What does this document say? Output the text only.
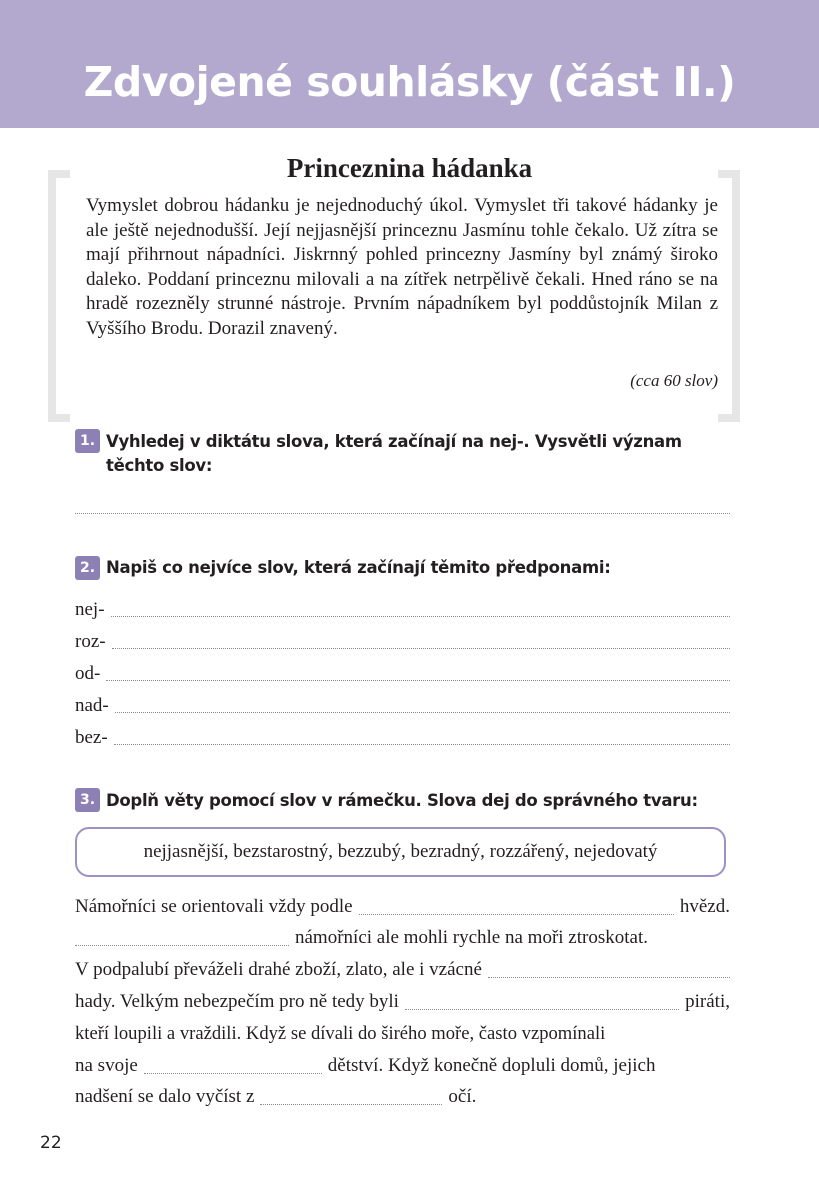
Zdvojené souhlásky (část II.)
Princeznina hádanka
Vymyslet dobrou hádanku je nejednoduchý úkol. Vymyslet tři takové hádanky je ale ještě nejednodušší. Její nejjasnější princeznu Jasmínu tohle čekalo. Už zítra se mají přihrnout nápadníci. Jiskrnný pohled princezny Jasmíny byl známý široko daleko. Poddaní princeznu milovali a na zítřek netrpělivě čekali. Hned ráno se na hradě rozezněly strunné nástroje. Prvním nápadníkem byl poddůstojník Milan z Vyššího Brodu. Dorazil znavený.
(cca 60 slov)
1. Vyhledej v diktátu slova, která začínají na nej-. Vysvětli význam těchto slov:
2. Napiš co nejvíce slov, která začínají těmito předponami:
nej-
roz-
od-
nad-
bez-
3. Doplň věty pomocí slov v rámečku. Slova dej do správného tvaru:
nejjasnější, bezstarostný, bezzubý, bezradný, rozzářený, nejedovatý
Námořníci se orientovali vždy podle	hvězd.
námořníci ale mohli rychle na moři ztroskotat.
V podpalubí převáželi drahé zboží, zlato, ale i vzácné
hady. Velkým nebezpečím pro ně tedy byli	piráti,
kteří loupili a vraždili. Když se dívali do širého moře, často vzpomínali
na svoje	dětství. Když konečně dopluli domů, jejich
nadšení se dalo vyčíst z	očí.
22
